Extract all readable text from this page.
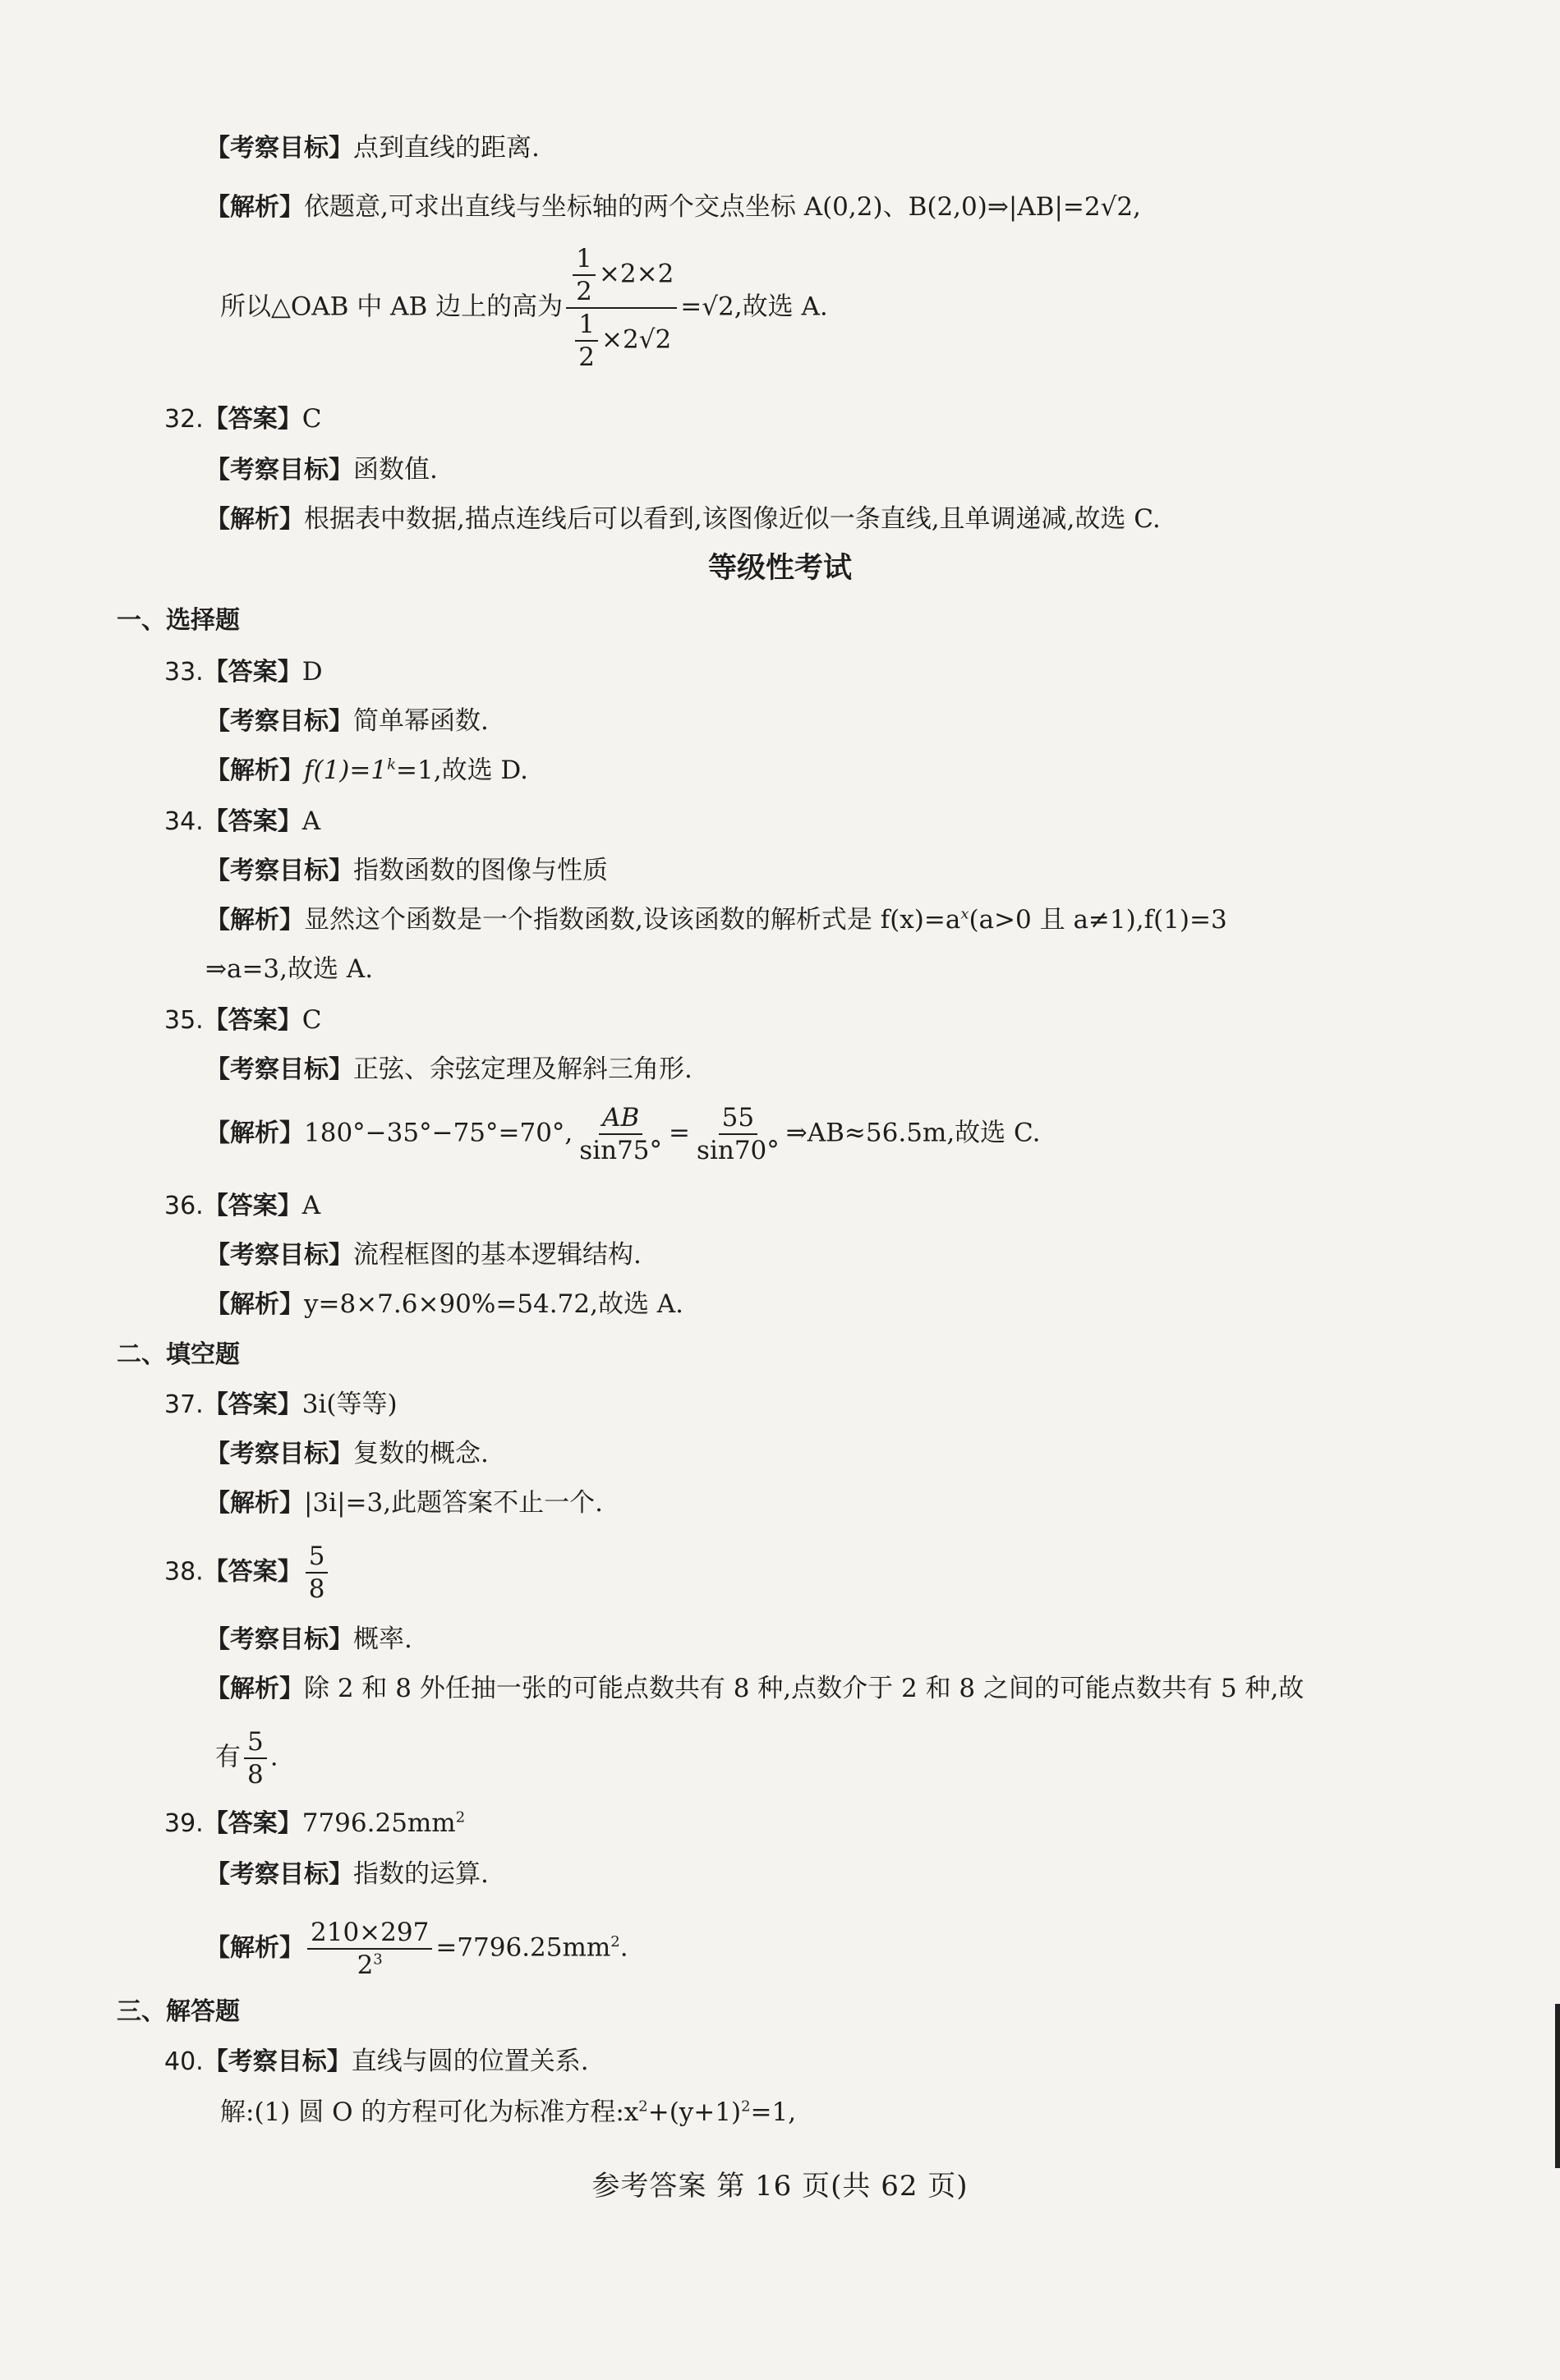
【考察目标】点到直线的距离.
【解析】依题意,可求出直线与坐标轴的两个交点坐标 A(0,2)、B(2,0)⇒|AB|=2√2,
所以△OAB 中 AB 边上的高为 $\frac{\frac{1}{2} \times 2\times 2}{\frac{1}{2} \times 2√2} =√2$,故选 A.
32.【答案】C
【考察目标】函数值.
【解析】根据表中数据,描点连线后可以看到,该图像近似一条直线,且单调递减,故选 C.
等级性考试
一、选择题
33.【答案】D
【考察目标】简单幂函数.
【解析】$f(1)=1^k=1$,故选 D.
34.【答案】A
【考察目标】指数函数的图像与性质
【解析】显然这个函数是一个指数函数,设该函数的解析式是 $f(x)=a^x(a>0$ 且 a≠1),f(1)=3
⇒a=3,故选 A.
35.【答案】C
【考察目标】正弦、余弦定理及解斜三角形.
【解析】180°−35°−75°=70°, $\frac{AB}{\sin 75^\circ} = \frac{55}{\sin 70^\circ}$ ⇒AB≈56.5m,故选 C.
36.【答案】A
【考察目标】流程框图的基本逻辑结构.
【解析】y=8×7.6×90%=54.72,故选 A.
二、填空题
37.【答案】3i(等等)
【考察目标】复数的概念.
【解析】|3i|=3,此题答案不止一个.
38.【答案】 $\frac{5}{8}$
【考察目标】概率.
【解析】除 2 和 8 外任抽一张的可能点数共有 8 种,点数介于 2 和 8 之间的可能点数共有 5 种,故
有 $\frac{5}{8}$ .
39.【答案】$7796.25mm^2$
【考察目标】指数的运算.
【解析】 $\frac{210\times 297}{2^3} =7796.25mm^2$.
三、解答题
40.【考察目标】直线与圆的位置关系.
解:(1) 圆 O 的方程可化为标准方程$:x^2+(y+1)^2=1$,
参考答案 第 16 页(共 62 页)
